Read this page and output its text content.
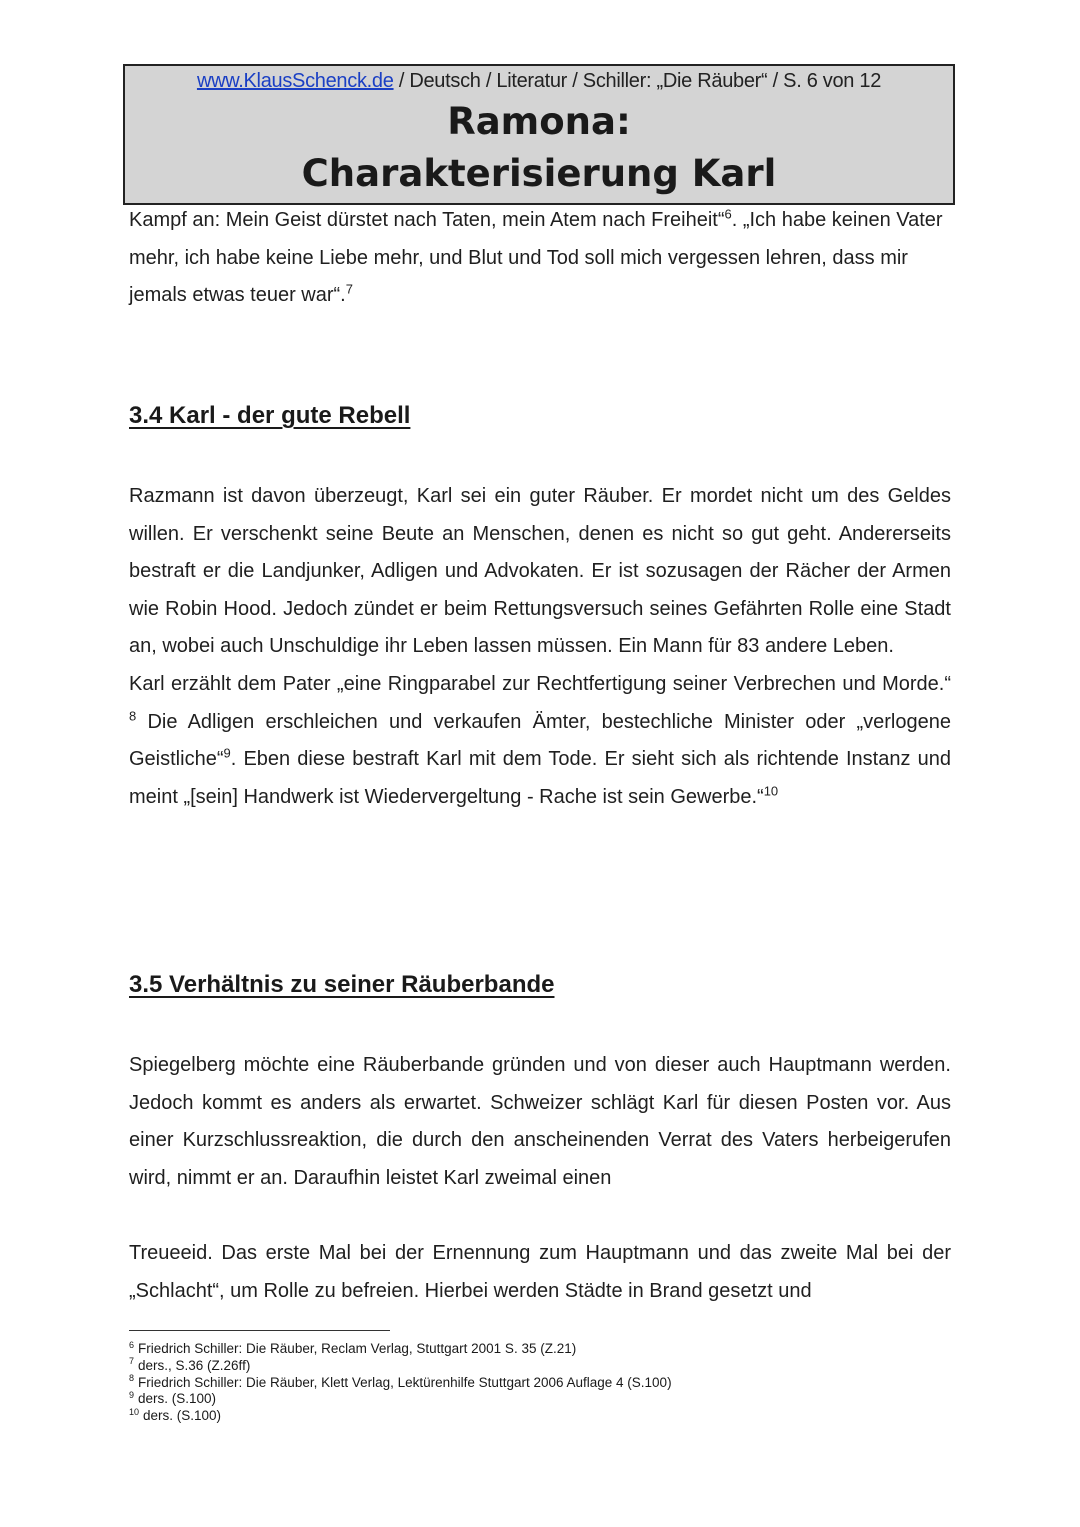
www.KlausSchenck.de / Deutsch / Literatur / Schiller: „Die Räuber“ / S. 6 von 12
Ramona:
Charakterisierung Karl

Kampf an: Mein Geist dürstet nach Taten, mein Atem nach Freiheit“$^6$. „Ich habe keinen Vater mehr, ich habe keine Liebe mehr, und Blut und Tod soll mich vergessen lehren, dass mir jemals etwas teuer war“.$^7$

3.4 Karl - der gute Rebell

Razmann ist davon überzeugt, Karl sei ein guter Räuber. Er mordet nicht um des Geldes willen. Er verschenkt seine Beute an Menschen, denen es nicht so gut geht. Andererseits bestraft er die Landjunker, Adligen und Advokaten. Er ist sozusagen der Rächer der Armen wie Robin Hood. Jedoch zündet er beim Rettungsversuch seines Gefährten Rolle eine Stadt an, wobei auch Unschuldige ihr Leben lassen müssen. Ein Mann für 83 andere Leben.

Karl erzählt dem Pater „eine Ringparabel zur Rechtfertigung seiner Verbrechen und Morde.“ $^8$ Die Adligen erschleichen und verkaufen Ämter, bestechliche Minister oder „verlogene Geistliche“$^9$. Eben diese bestraft Karl mit dem Tode. Er sieht sich als richtende Instanz und meint „[sein] Handwerk ist Wiedervergeltung - Rache ist sein Gewerbe.“$^{10}$

3.5 Verhältnis zu seiner Räuberbande

Spiegelberg möchte eine Räuberbande gründen und von dieser auch Hauptmann werden. Jedoch kommt es anders als erwartet. Schweizer schlägt Karl für diesen Posten vor. Aus einer Kurzschlussreaktion, die durch den anscheinenden Verrat des Vaters herbeigerufen wird, nimmt er an. Daraufhin leistet Karl zweimal einen

Treueeid. Das erste Mal bei der Ernennung zum Hauptmann und das zweite Mal bei der „Schlacht“, um Rolle zu befreien. Hierbei werden Städte in Brand gesetzt und

$^6$ Friedrich Schiller: Die Räuber, Reclam Verlag, Stuttgart 2001 S. 35 (Z.21)
$^7$ ders., S.36 (Z.26ff)
$^8$ Friedrich Schiller: Die Räuber, Klett Verlag, Lektürenhilfe Stuttgart 2006 Auflage 4 (S.100)
$^9$ ders. (S.100)
$^{10}$ ders. (S.100)
